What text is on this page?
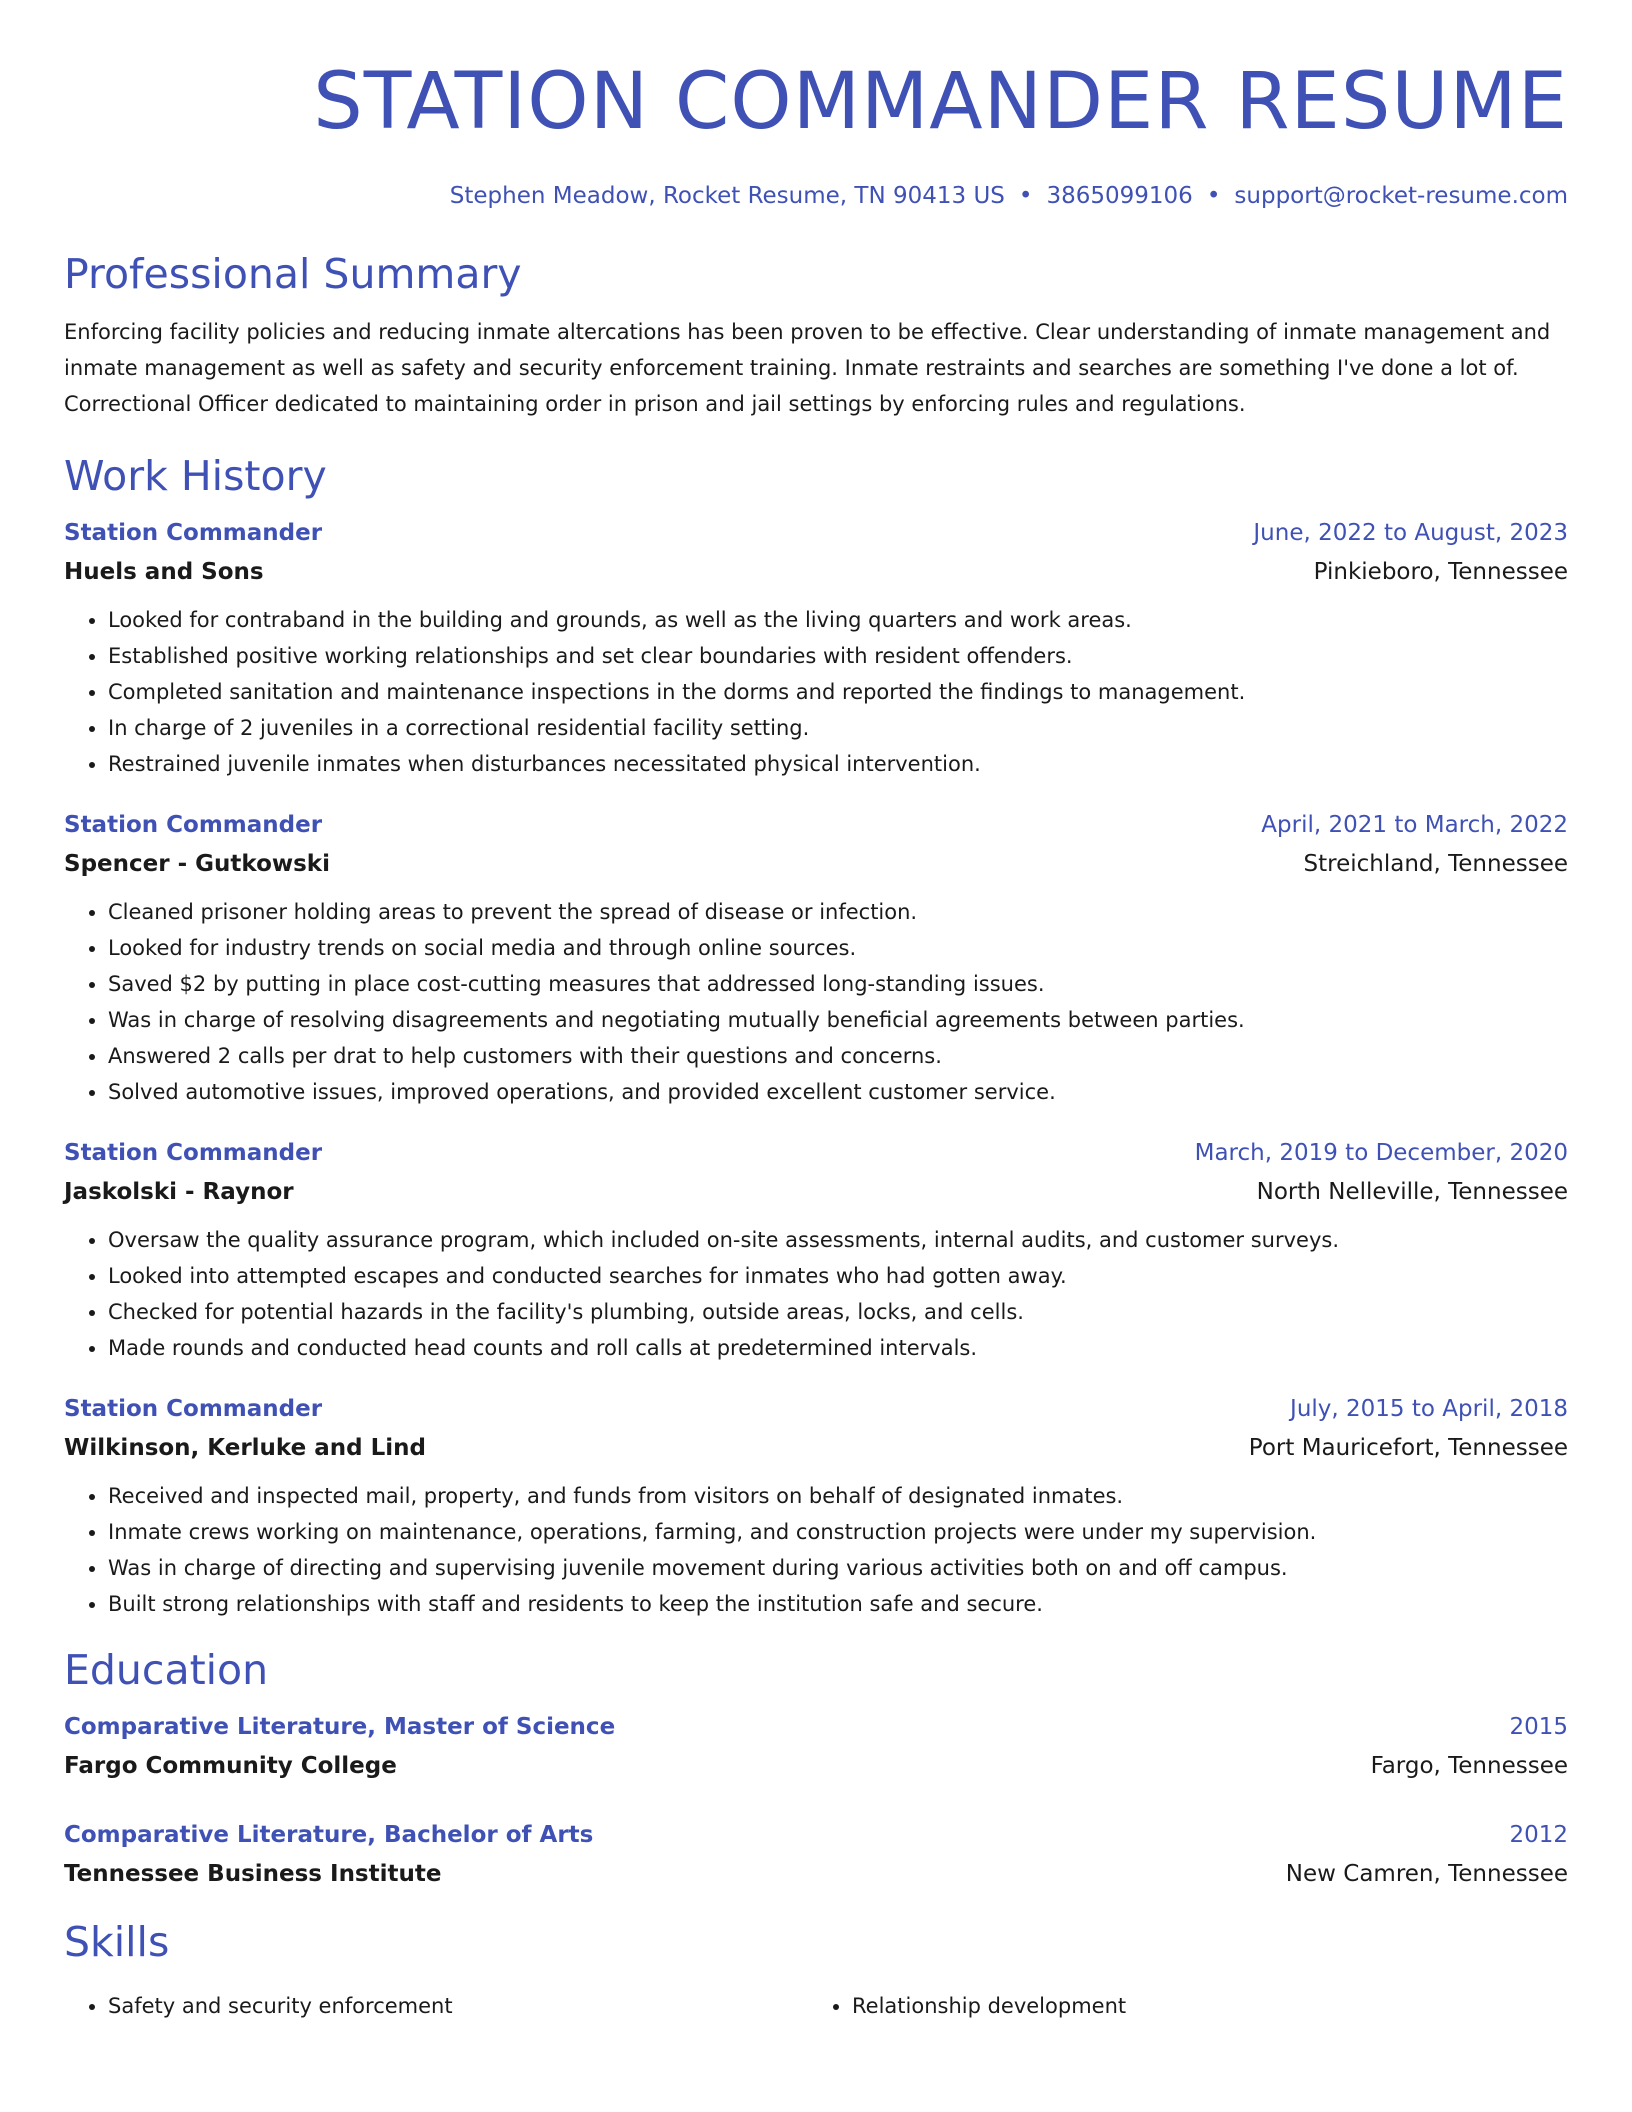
STATION COMMANDER RESUME
Stephen Meadow, Rocket Resume, TN 90413 US • 3865099106 • support@rocket-resume.com
Professional Summary

Enforcing facility policies and reducing inmate altercations has been proven to be effective. Clear understanding of inmate management and inmate management as well as safety and security enforcement training. Inmate restraints and searches are something I've done a lot of. Correctional Officer dedicated to maintaining order in prison and jail settings by enforcing rules and regulations.

Work History
Station Commander	June, 2022 to August, 2023
Huels and Sons	Pinkieboro, Tennessee
• Looked for contraband in the building and grounds, as well as the living quarters and work areas.
• Established positive working relationships and set clear boundaries with resident offenders.
• Completed sanitation and maintenance inspections in the dorms and reported the findings to management.
• In charge of 2 juveniles in a correctional residential facility setting.
• Restrained juvenile inmates when disturbances necessitated physical intervention.
Station Commander	April, 2021 to March, 2022
Spencer - Gutkowski	Streichland, Tennessee
• Cleaned prisoner holding areas to prevent the spread of disease or infection.
• Looked for industry trends on social media and through online sources.
• Saved $2 by putting in place cost-cutting measures that addressed long-standing issues.
• Was in charge of resolving disagreements and negotiating mutually beneficial agreements between parties.
• Answered 2 calls per drat to help customers with their questions and concerns.
• Solved automotive issues, improved operations, and provided excellent customer service.
Station Commander	March, 2019 to December, 2020
Jaskolski - Raynor	North Nelleville, Tennessee
• Oversaw the quality assurance program, which included on-site assessments, internal audits, and customer surveys.
• Looked into attempted escapes and conducted searches for inmates who had gotten away.
• Checked for potential hazards in the facility's plumbing, outside areas, locks, and cells.
• Made rounds and conducted head counts and roll calls at predetermined intervals.
Station Commander	July, 2015 to April, 2018
Wilkinson, Kerluke and Lind	Port Mauricefort, Tennessee
• Received and inspected mail, property, and funds from visitors on behalf of designated inmates.
• Inmate crews working on maintenance, operations, farming, and construction projects were under my supervision.
• Was in charge of directing and supervising juvenile movement during various activities both on and off campus.
• Built strong relationships with staff and residents to keep the institution safe and secure.
Education
Comparative Literature, Master of Science	2015
Fargo Community College	Fargo, Tennessee
Comparative Literature, Bachelor of Arts	2012
Tennessee Business Institute	New Camren, Tennessee
Skills
• Safety and security enforcement
•	Relationship development
